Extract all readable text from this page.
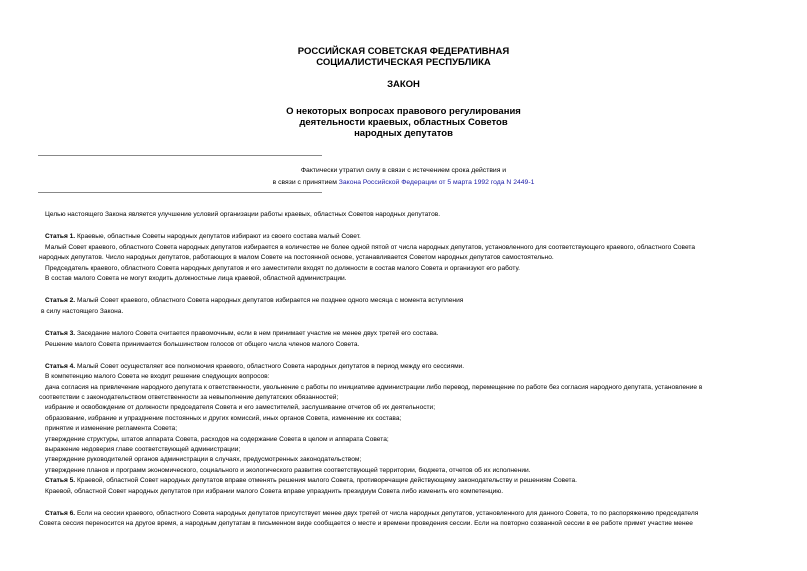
РОССИЙСКАЯ СОВЕТСКАЯ ФЕДЕРАТИВНАЯ
СОЦИАЛИСТИЧЕСКАЯ РЕСПУБЛИКА
ЗАКОН
О некоторых вопросах правового регулирования
деятельности краевых, областных Советов
народных депутатов
Фактически утратил силу в связи с истечением срока действия и
в связи с принятием Закона Российской Федерации от 5 марта 1992 года N 2449-1
Целью настоящего Закона является улучшение условий организации работы краевых, областных Советов народных депутатов.
Статья 1. Краевые, областные Советы народных депутатов избирают из своего состава малый Совет.
Малый Совет краевого, областного Совета народных депутатов избирается в количестве не более одной пятой от числа народных депутатов, установленного для соответствующего краевого, областного Совета
народных депутатов. Число народных депутатов, работающих в малом Совете на постоянной основе, устанавливается Советом народных депутатов самостоятельно.
Председатель краевого, областного Совета народных депутатов и его заместители входят по должности в состав малого Совета и организуют его работу.
В состав малого Совета не могут входить должностные лица краевой, областной администрации.
Статья 2. Малый Совет краевого, областного Совета народных депутатов избирается не позднее одного месяца с момента вступления
в силу настоящего Закона.
Статья 3. Заседание малого Совета считается правомочным, если в нем принимает участие не менее двух третей его состава.
Решение малого Совета принимается большинством голосов от общего числа членов малого Совета.
Статья 4. Малый Совет осуществляет все полномочия краевого, областного Совета народных депутатов в период между его сессиями.
В компетенцию малого Совета не входит решение следующих вопросов:
дача согласия на привлечение народного депутата к ответственности, увольнение с работы по инициативе администрации либо перевод, перемещение по работе без согласия народного депутата, установление в
соответствии с законодательством ответственности за невыполнение депутатских обязанностей;
избрание и освобождение от должности председателя Совета и его заместителей, заслушивание отчетов об их деятельности;
образование, избрание и упразднение постоянных и других комиссий, иных органов Совета, изменение их состава;
принятие и изменение регламента Совета;
утверждение структуры, штатов аппарата Совета, расходов на содержание Совета в целом и аппарата Совета;
выражение недоверия главе соответствующей администрации;
утверждение руководителей органов администрации в случаях, предусмотренных законодательством;
утверждение планов и программ экономического, социального и экологического развития соответствующей территории, бюджета, отчетов об их исполнении.
Статья 5. Краевой, областной Совет народных депутатов вправе отменять решения малого Совета, противоречащие действующему законодательству и решениям Совета.
Краевой, областной Совет народных депутатов при избрании малого Совета вправе упразднить президиум Совета либо изменить его компетенцию.
Статья 6. Если на сессии краевого, областного Совета народных депутатов присутствует менее двух третей от числа народных депутатов, установленного для данного Совета, то по распоряжению председателя
Совета сессия переносится на другое время, а народным депутатам в письменном виде сообщается о месте и времени проведения сессии. Если на повторно созванной сессии в ее работе примет участие менее
